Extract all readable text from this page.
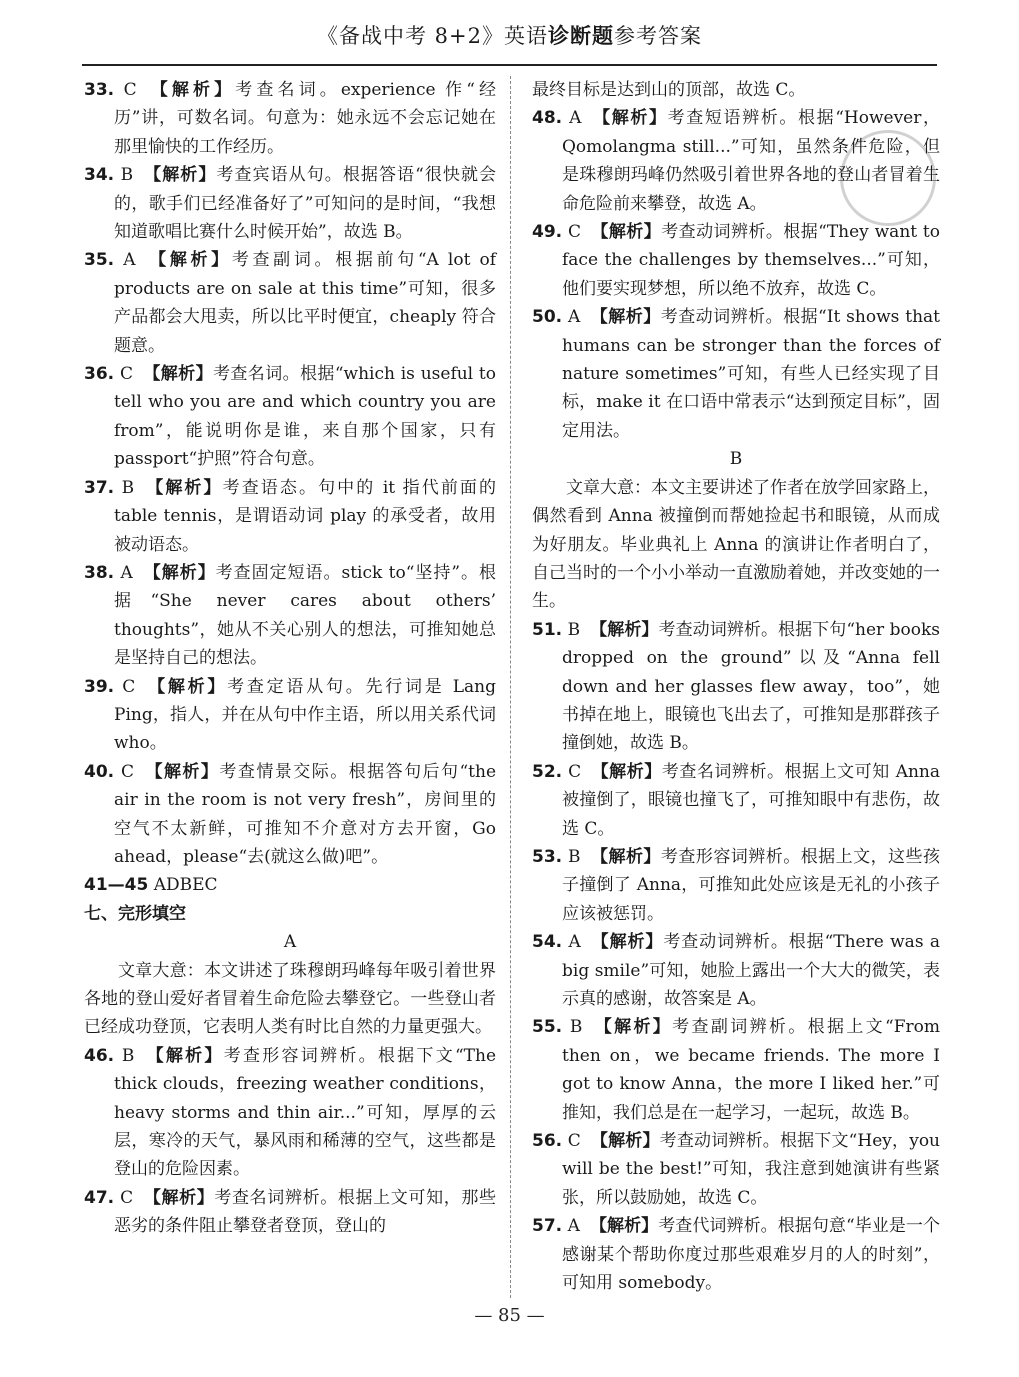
《备战中考 8+2》英语诊断题参考答案

33. C 【解析】考查名词。experience 作“经历”讲，可数名词。句意为：她永远不会忘记她在那里愉快的工作经历。

34. B 【解析】考查宾语从句。根据答语“很快就会的，歌手们已经准备好了”可知问的是时间，“我想知道歌唱比赛什么时候开始”，故选 B。

35. A 【解析】考查副词。根据前句“A lot of products are on sale at this time”可知，很多产品都会大甩卖，所以比平时便宜，cheaply 符合题意。

36. C 【解析】考查名词。根据“which is useful to tell who you are and which country you are from”，能说明你是谁，来自那个国家，只有 passport“护照”符合句意。

37. B 【解析】考查语态。句中的 it 指代前面的 table tennis，是谓语动词 play 的承受者，故用被动语态。

38. A 【解析】考查固定短语。stick to“坚持”。根据“She never cares about others’ thoughts”，她从不关心别人的想法，可推知她总是坚持自己的想法。

39. C 【解析】考查定语从句。先行词是 Lang Ping，指人，并在从句中作主语，所以用关系代词 who。

40. C 【解析】考查情景交际。根据答句后句“the air in the room is not very fresh”，房间里的空气不太新鲜，可推知不介意对方去开窗，Go ahead，please“去(就这么做)吧”。

41—45 ADBEC

七、完形填空

A

文章大意：本文讲述了珠穆朗玛峰每年吸引着世界各地的登山爱好者冒着生命危险去攀登它。一些登山者已经成功登顶，它表明人类有时比自然的力量更强大。

46. B 【解析】考查形容词辨析。根据下文“The thick clouds，freezing weather conditions，heavy storms and thin air...”可知，厚厚的云层，寒冷的天气，暴风雨和稀薄的空气，这些都是登山的危险因素。

47. C 【解析】考查名词辨析。根据上文可知，那些恶劣的条件阻止攀登者登顶，登山的

最终目标是达到山的顶部，故选 C。

48. A 【解析】考查短语辨析。根据“However，Qomolangma still...”可知，虽然条件危险，但是珠穆朗玛峰仍然吸引着世界各地的登山者冒着生命危险前来攀登，故选 A。

49. C 【解析】考查动词辨析。根据“They want to face the challenges by themselves...”可知，他们要实现梦想，所以绝不放弃，故选 C。

50. A 【解析】考查动词辨析。根据“It shows that humans can be stronger than the forces of nature sometimes”可知，有些人已经实现了目标，make it 在口语中常表示“达到预定目标”，固定用法。

B

文章大意：本文主要讲述了作者在放学回家路上，偶然看到 Anna 被撞倒而帮她捡起书和眼镜，从而成为好朋友。毕业典礼上 Anna 的演讲让作者明白了，自己当时的一个小小举动一直激励着她，并改变她的一生。

51. B 【解析】考查动词辨析。根据下句“her books dropped on the ground”以及“Anna fell down and her glasses flew away，too”，她书掉在地上，眼镜也飞出去了，可推知是那群孩子撞倒她，故选 B。

52. C 【解析】考查名词辨析。根据上文可知 Anna 被撞倒了，眼镜也撞飞了，可推知眼中有悲伤，故选 C。

53. B 【解析】考查形容词辨析。根据上文，这些孩子撞倒了 Anna，可推知此处应该是无礼的小孩子应该被惩罚。

54. A 【解析】考查动词辨析。根据“There was a big smile”可知，她脸上露出一个大大的微笑，表示真的感谢，故答案是 A。

55. B 【解析】考查副词辨析。根据上文“From then on，we became friends. The more I got to know Anna，the more I liked her.”可推知，我们总是在一起学习，一起玩，故选 B。

56. C 【解析】考查动词辨析。根据下文“Hey，you will be the best!”可知，我注意到她演讲有些紧张，所以鼓励她，故选 C。

57. A 【解析】考查代词辨析。根据句意“毕业是一个感谢某个帮助你度过那些艰难岁月的人的时刻”，可知用 somebody。

— 85 —
